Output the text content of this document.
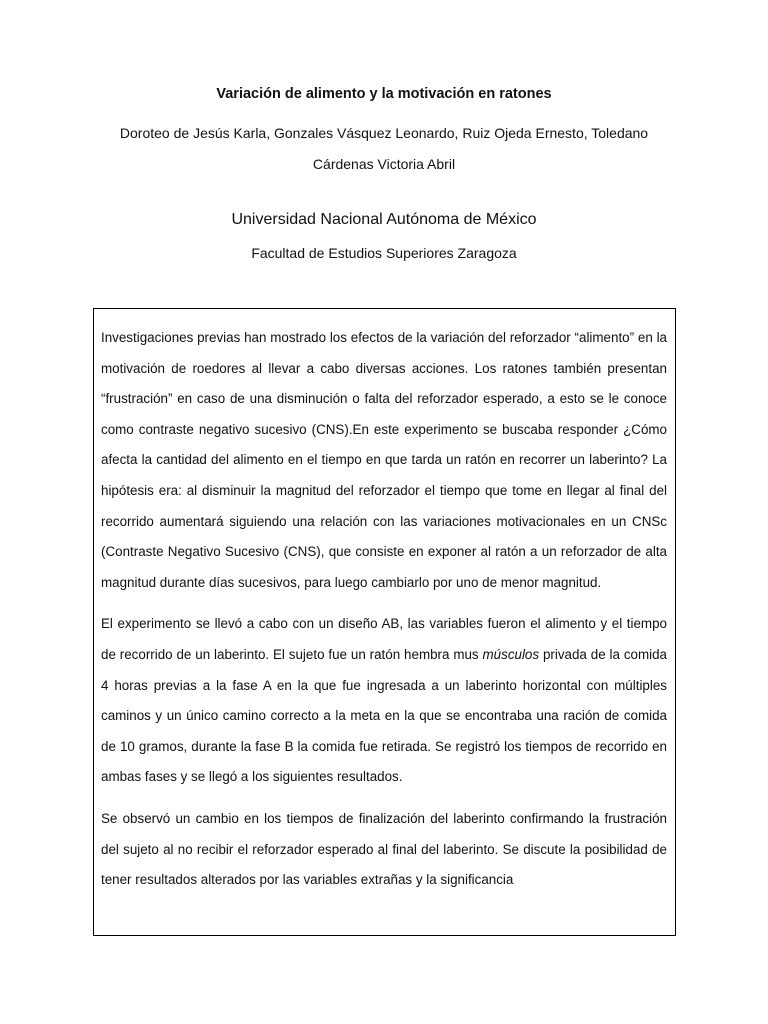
Variación de alimento y la motivación en ratones
Doroteo de Jesús Karla, Gonzales Vásquez Leonardo, Ruiz Ojeda Ernesto, Toledano Cárdenas Victoria Abril
Universidad Nacional Autónoma de México
Facultad de Estudios Superiores Zaragoza

Investigaciones previas han mostrado los efectos de la variación del reforzador “alimento” en la motivación de roedores al llevar a cabo diversas acciones. Los ratones también presentan “frustración” en caso de una disminución o falta del reforzador esperado, a esto se le conoce como contraste negativo sucesivo (CNS).En este experimento se buscaba responder ¿Cómo afecta la cantidad del alimento en el tiempo en que tarda un ratón en recorrer un laberinto? La hipótesis era: al disminuir la magnitud del reforzador el tiempo que tome en llegar al final del recorrido aumentará siguiendo una relación con las variaciones motivacionales en un CNSc (Contraste Negativo Sucesivo (CNS), que consiste en exponer al ratón a un reforzador de alta magnitud durante días sucesivos, para luego cambiarlo por uno de menor magnitud.

El experimento se llevó a cabo con un diseño AB, las variables fueron el alimento y el tiempo de recorrido de un laberinto. El sujeto fue un ratón hembra mus músculos privada de la comida 4 horas previas a la fase A en la que fue ingresada a un laberinto horizontal con múltiples caminos y un único camino correcto a la meta en la que se encontraba una ración de comida de 10 gramos, durante la fase B la comida fue retirada. Se registró los tiempos de recorrido en ambas fases y se llegó a los siguientes resultados.

Se observó un cambio en los tiempos de finalización del laberinto confirmando la frustración del sujeto al no recibir el reforzador esperado al final del laberinto. Se discute la posibilidad de tener resultados alterados por las variables extrañas y la significancia
